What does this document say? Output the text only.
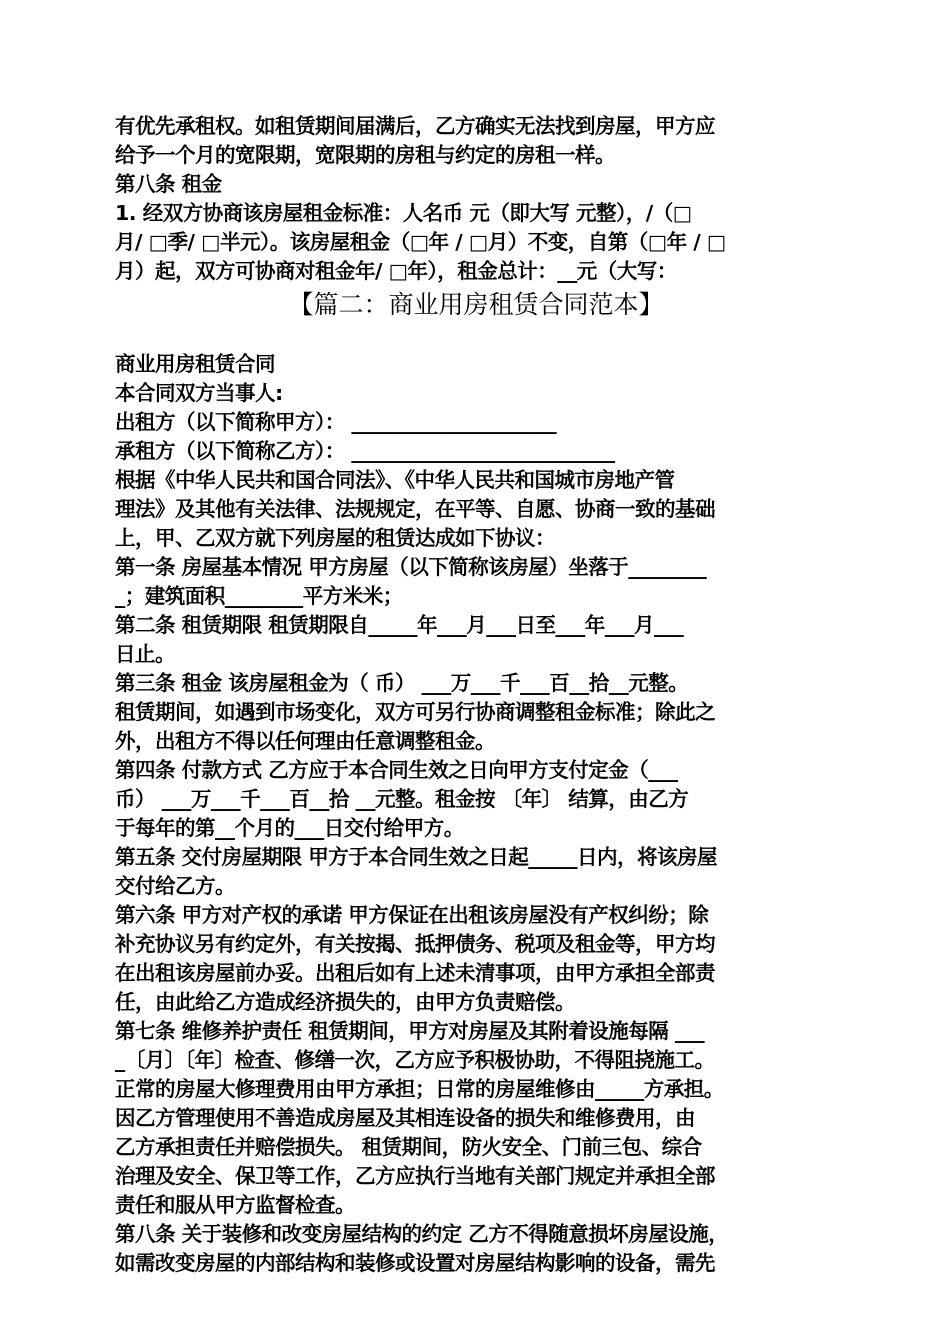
有优先承租权。如租赁期间届满后，乙方确实无法找到房屋，甲方应
给予一个月的宽限期，宽限期的房租与约定的房租一样。
第八条 租金
1. 经双方协商该房屋租金标准：人名币 元（即大写 元整），/（□
月/ □季/ □半元）。该房屋租金（□年 / □月）不变，自第（□年 / □
月）起，双方可协商对租金年/ □年），租金总计：__元（大写：
【篇二：商业用房租赁合同范本】
商业用房租赁合同
本合同双方当事人:
出租方（以下简称甲方）： _____________________
承租方（以下简称乙方）： ___________________________
根据《中华人民共和国合同法》、《中华人民共和国城市房地产管
理法》及其他有关法律、法规规定，在平等、自愿、协商一致的基础
上，甲、乙双方就下列房屋的租赁达成如下协议：
第一条 房屋基本情况 甲方房屋（以下简称该房屋）坐落于________
_；建筑面积________平方米米；
第二条 租赁期限 租赁期限自_____年___月___日至___年___月___
日止。
第三条 租金 该房屋租金为（ 币） ___万___千___百__拾__元整。
租赁期间，如遇到市场变化，双方可另行协商调整租金标准；除此之
外，出租方不得以任何理由任意调整租金。
第四条 付款方式 乙方应于本合同生效之日向甲方支付定金（___
币） ___万___千___百__拾 __元整。租金按 〔年〕 结算，由乙方
于每年的第__个月的___日交付给甲方。
第五条 交付房屋期限 甲方于本合同生效之日起_____日内，将该房屋
交付给乙方。
第六条 甲方对产权的承诺 甲方保证在出租该房屋没有产权纠纷；除
补充协议另有约定外，有关按揭、抵押债务、税项及租金等，甲方均
在出租该房屋前办妥。出租后如有上述未清事项，由甲方承担全部责
任，由此给乙方造成经济损失的，由甲方负责赔偿。
第七条 维修养护责任 租赁期间，甲方对房屋及其附着设施每隔 ___
_〔月〕〔年〕检查、修缮一次，乙方应予积极协助，不得阻挠施工。
正常的房屋大修理费用由甲方承担；日常的房屋维修由_____方承担。
因乙方管理使用不善造成房屋及其相连设备的损失和维修费用，由
乙方承担责任并赔偿损失。 租赁期间，防火安全、门前三包、综合
治理及安全、保卫等工作，乙方应执行当地有关部门规定并承担全部
责任和服从甲方监督检查。
第八条 关于装修和改变房屋结构的约定 乙方不得随意损坏房屋设施，
如需改变房屋的内部结构和装修或设置对房屋结构影响的设备，需先
